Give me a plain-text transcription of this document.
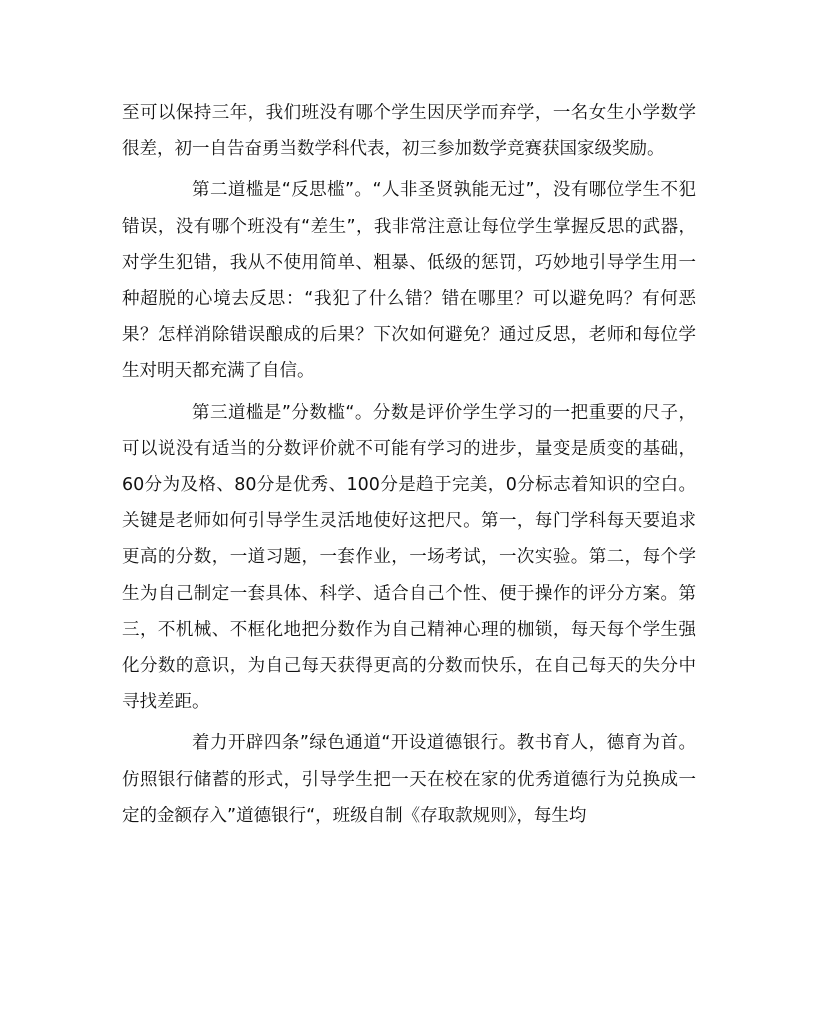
至可以保持三年，我们班没有哪个学生因厌学而弃学，一名女生小学数学很差，初一自告奋勇当数学科代表，初三参加数学竞赛获国家级奖励。

第二道槛是“反思槛”。“人非圣贤孰能无过”，没有哪位学生不犯错误，没有哪个班没有“差生”，我非常注意让每位学生掌握反思的武器，对学生犯错，我从不使用简单、粗暴、低级的惩罚，巧妙地引导学生用一种超脱的心境去反思：“我犯了什么错？错在哪里？可以避免吗？有何恶果？怎样消除错误酿成的后果？下次如何避免？通过反思，老师和每位学生对明天都充满了自信。

第三道槛是”分数槛“。分数是评价学生学习的一把重要的尺子，可以说没有适当的分数评价就不可能有学习的进步，量变是质变的基础，60分为及格、80分是优秀、100分是趋于完美，0分标志着知识的空白。关键是老师如何引导学生灵活地使好这把尺。第一，每门学科每天要追求更高的分数，一道习题，一套作业，一场考试，一次实验。第二，每个学生为自己制定一套具体、科学、适合自己个性、便于操作的评分方案。第三，不机械、不框化地把分数作为自己精神心理的枷锁，每天每个学生强化分数的意识，为自己每天获得更高的分数而快乐，在自己每天的失分中寻找差距。

着力开辟四条”绿色通道“开设道德银行。教书育人，德育为首。仿照银行储蓄的形式，引导学生把一天在校在家的优秀道德行为兑换成一定的金额存入”道德银行“，班级自制《存取款规则》，每生均
